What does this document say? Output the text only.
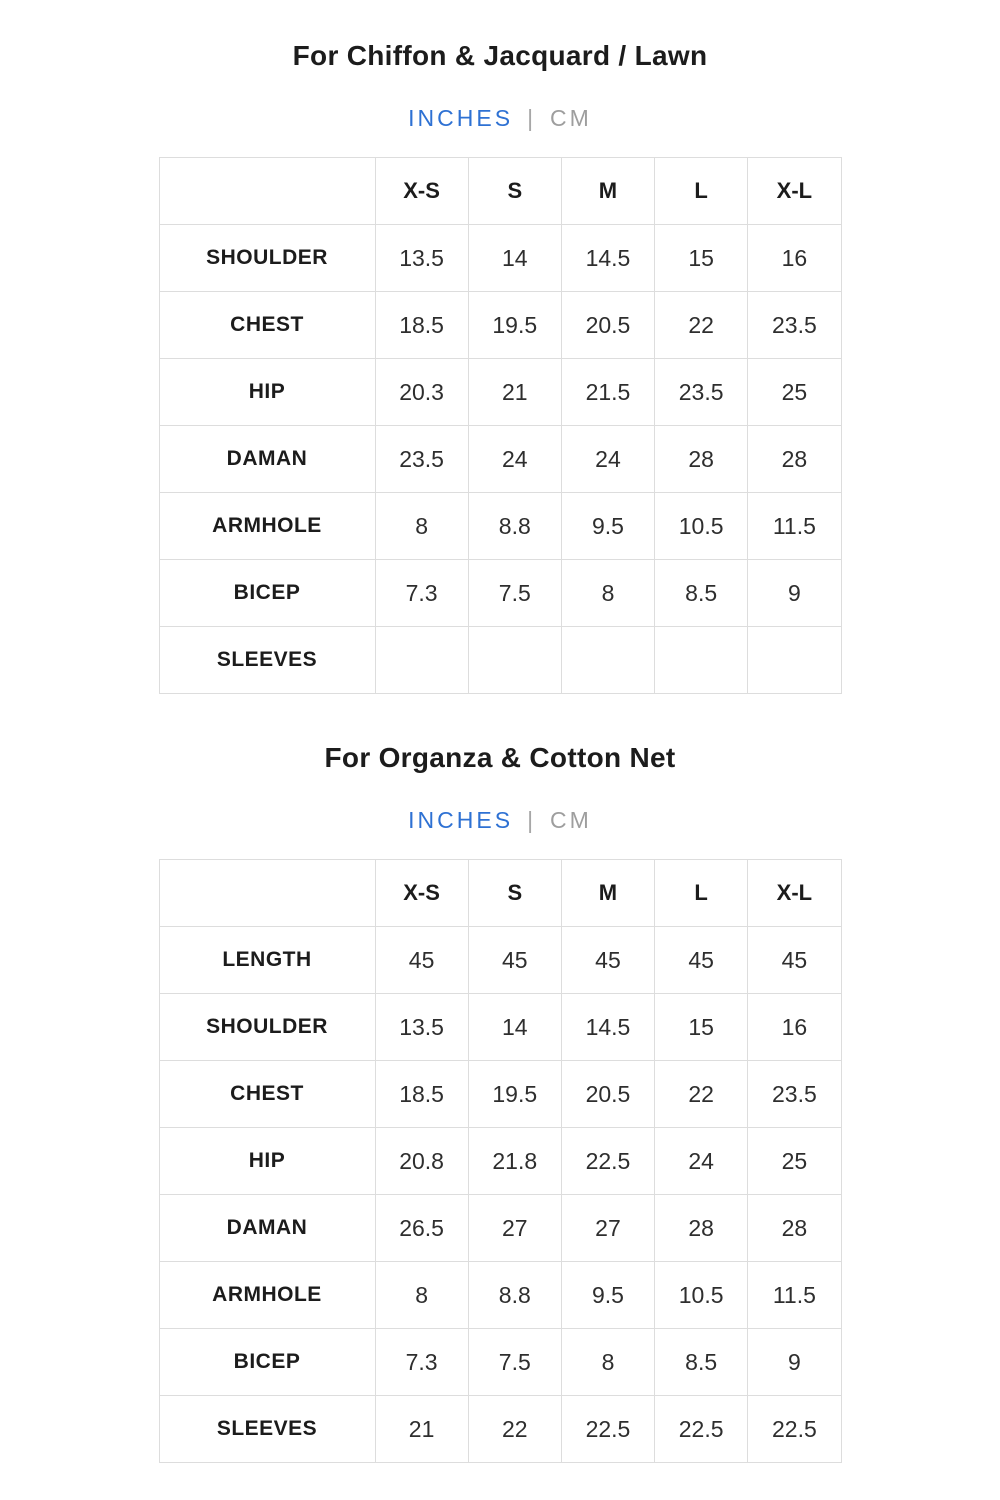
For Chiffon & Jacquard / Lawn
INCHES | CM
	X-S	S	M	L	X-L
SHOULDER	13.5	14	14.5	15	16
CHEST	18.5	19.5	20.5	22	23.5
HIP	20.3	21	21.5	23.5	25
DAMAN	23.5	24	24	28	28
ARMHOLE	8	8.8	9.5	10.5	11.5
BICEP	7.3	7.5	8	8.5	9
SLEEVES					
For Organza & Cotton Net
INCHES | CM
	X-S	S	M	L	X-L
LENGTH	45	45	45	45	45
SHOULDER	13.5	14	14.5	15	16
CHEST	18.5	19.5	20.5	22	23.5
HIP	20.8	21.8	22.5	24	25
DAMAN	26.5	27	27	28	28
ARMHOLE	8	8.8	9.5	10.5	11.5
BICEP	7.3	7.5	8	8.5	9
SLEEVES	21	22	22.5	22.5	22.5
